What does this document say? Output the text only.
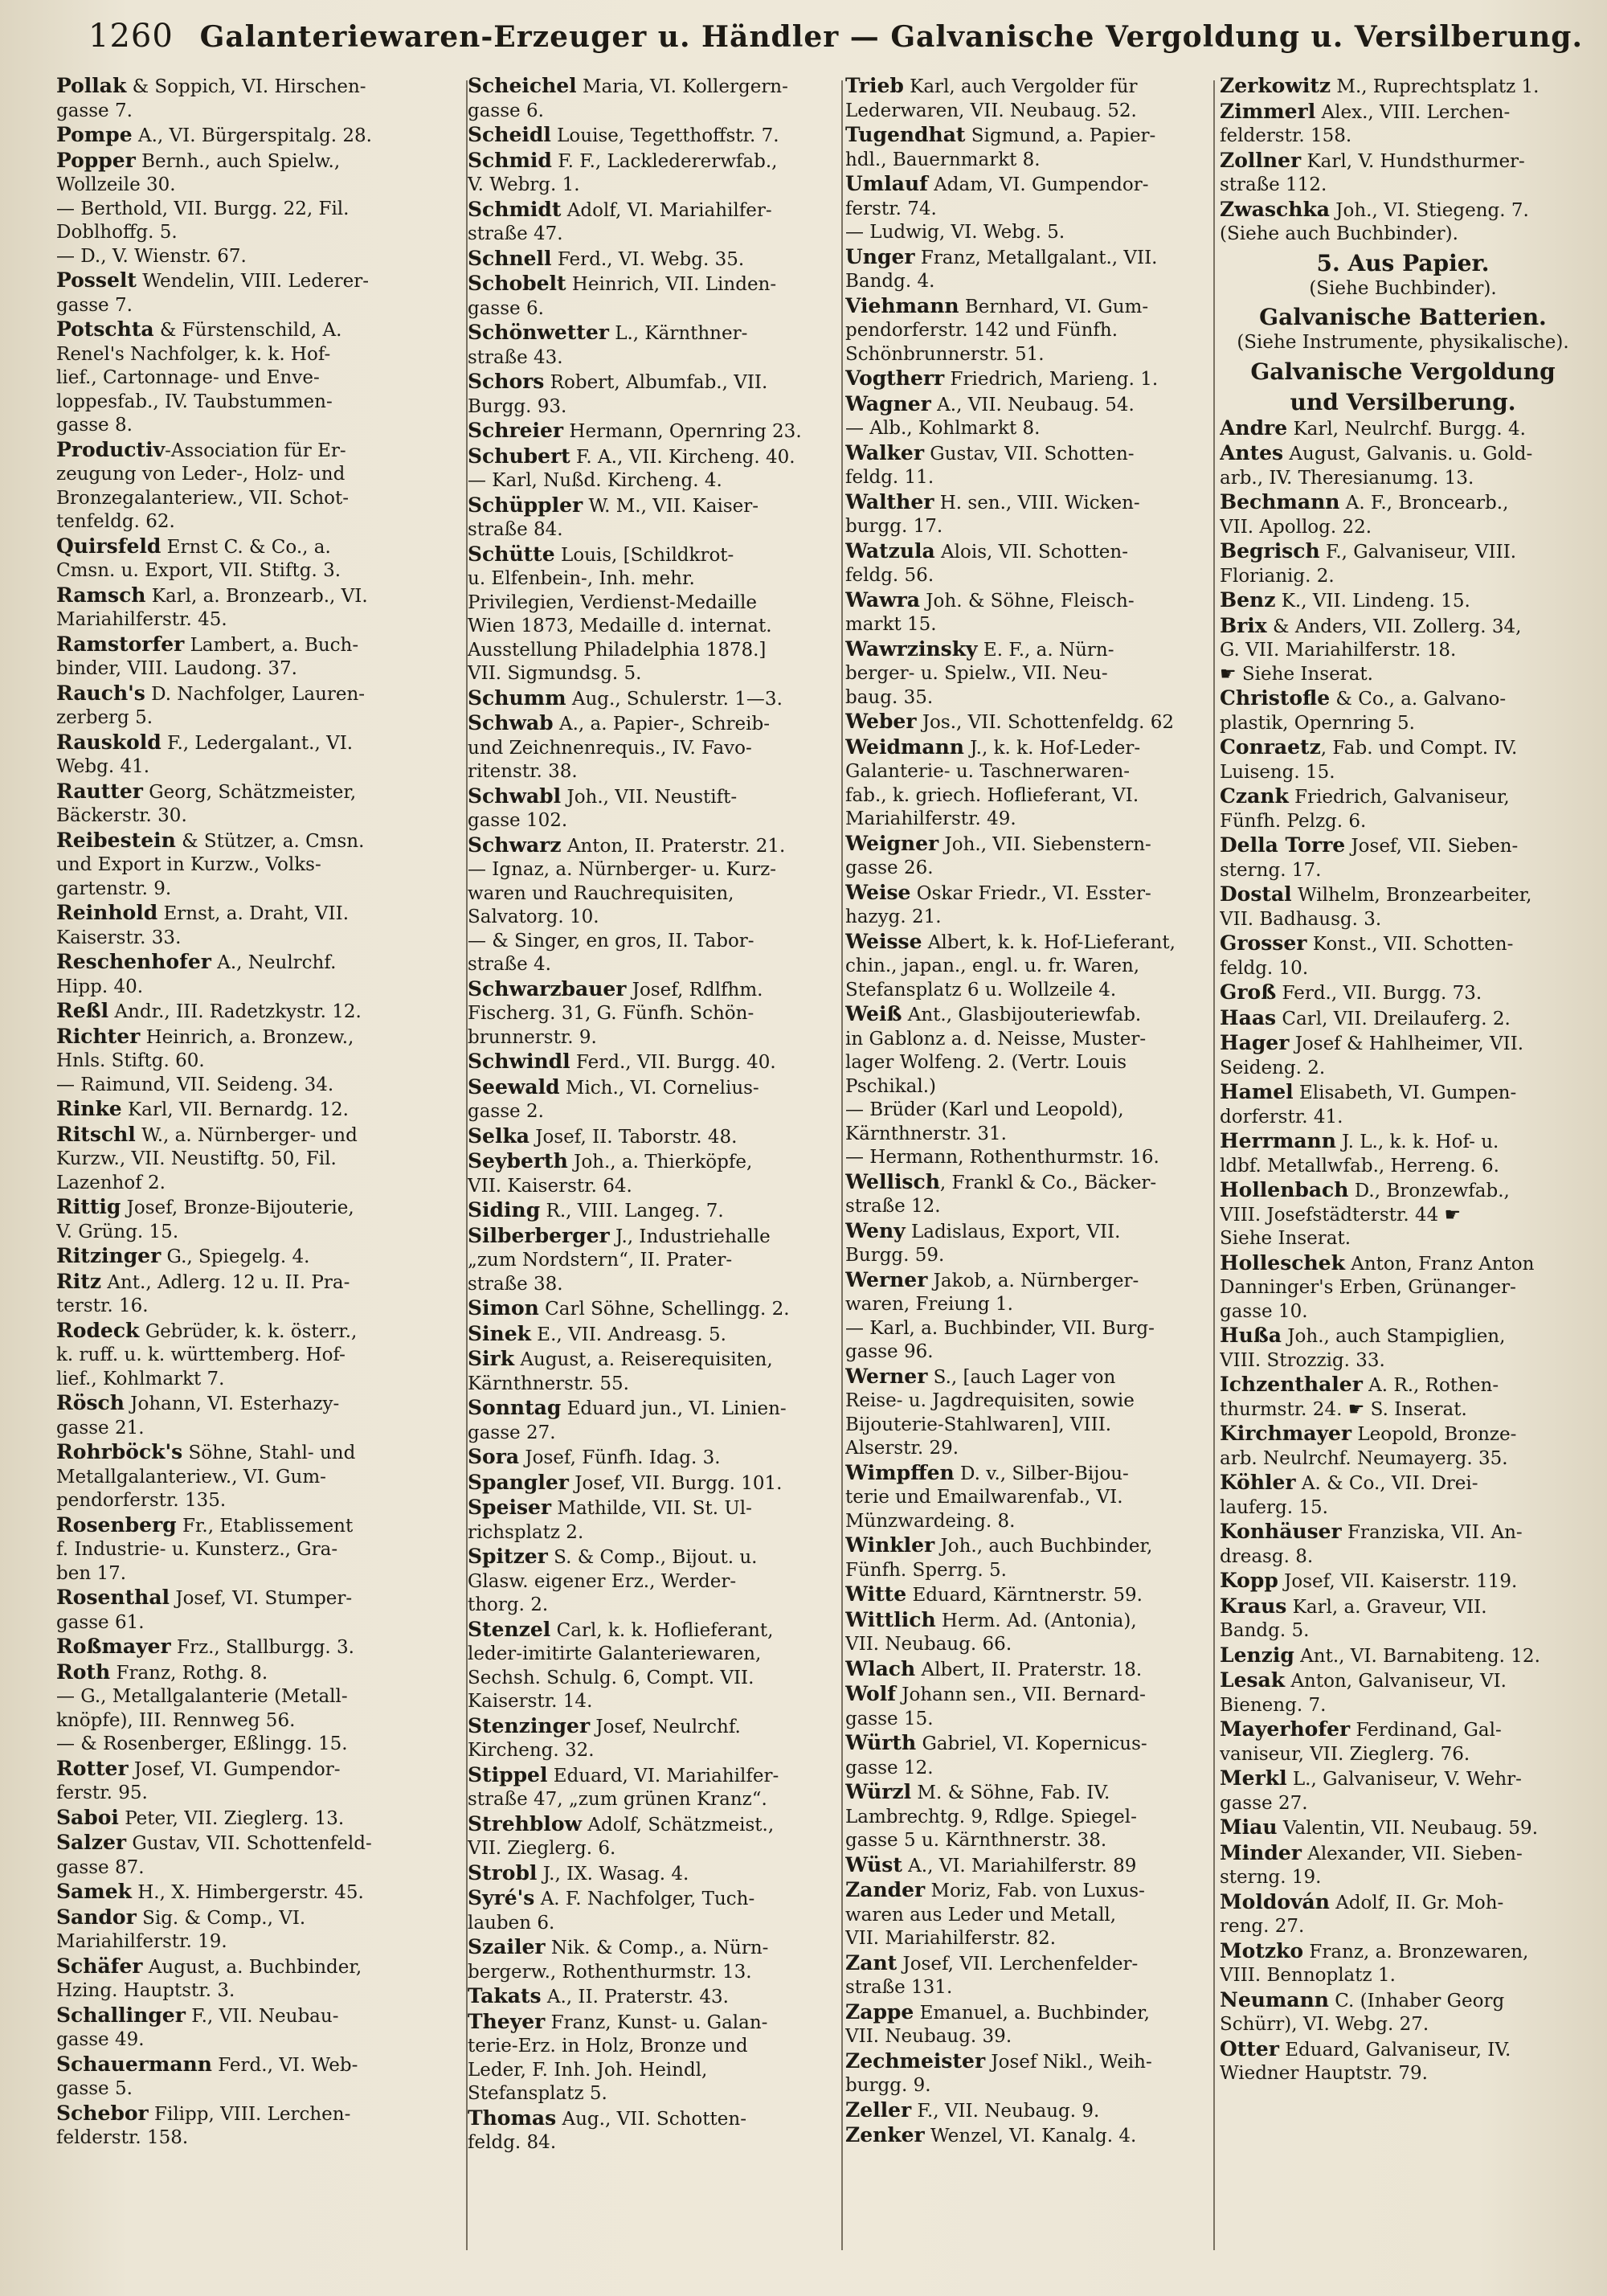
1260 Galanteriewaren-Erzeuger u. Händler — Galvanische Vergoldung u. Versilberung.

Pollak & Soppich, VI. Hirschen-

gasse 7.

Pompe A., VI. Bürgerspitalg. 28.

Popper Bernh., auch Spielw.,

Wollzeile 30.

— Berthold, VII. Burgg. 22, Fil.

Doblhoffg. 5.

— D., V. Wienstr. 67.

Posselt Wendelin, VIII. Lederer-

gasse 7.

Potschta & Fürstenschild, A.

Renel's Nachfolger, k. k. Hof-

lief., Cartonnage- und Enve-

loppesfab., IV. Taubstummen-

gasse 8.

Productiv-Association für Er-

zeugung von Leder-, Holz- und

Bronzegalanteriew., VII. Schot-

tenfeldg. 62.

Quirsfeld Ernst C. & Co., a.

Cmsn. u. Export, VII. Stiftg. 3.

Ramsch Karl, a. Bronzearb., VI.

Mariahilferstr. 45.

Ramstorfer Lambert, a. Buch-

binder, VIII. Laudong. 37.

Rauch's D. Nachfolger, Lauren-

zerberg 5.

Rauskold F., Ledergalant., VI.

Webg. 41.

Rautter Georg, Schätzmeister,

Bäckerstr. 30.

Reibestein & Stützer, a. Cmsn.

und Export in Kurzw., Volks-

gartenstr. 9.

Reinhold Ernst, a. Draht, VII.

Kaiserstr. 33.

Reschenhofer A., Neulrchf.

Hipp. 40.

Reßl Andr., III. Radetzkystr. 12.

Richter Heinrich, a. Bronzew.,

Hnls. Stiftg. 60.

— Raimund, VII. Seideng. 34.

Rinke Karl, VII. Bernardg. 12.

Ritschl W., a. Nürnberger- und

Kurzw., VII. Neustiftg. 50, Fil.

Lazenhof 2.

Rittig Josef, Bronze-Bijouterie,

V. Grüng. 15.

Ritzinger G., Spiegelg. 4.

Ritz Ant., Adlerg. 12 u. II. Pra-

terstr. 16.

Rodeck Gebrüder, k. k. österr.,

k. ruff. u. k. württemberg. Hof-

lief., Kohlmarkt 7.

Rösch Johann, VI. Esterhazy-

gasse 21.

Rohrböck's Söhne, Stahl- und

Metallgalanteriew., VI. Gum-

pendorferstr. 135.

Rosenberg Fr., Etablissement

f. Industrie- u. Kunsterz., Gra-

ben 17.

Rosenthal Josef, VI. Stumper-

gasse 61.

Roßmayer Frz., Stallburgg. 3.

Roth Franz, Rothg. 8.

— G., Metallgalanterie (Metall-

knöpfe), III. Rennweg 56.

— & Rosenberger, Eßlingg. 15.

Rotter Josef, VI. Gumpendor-

ferstr. 95.

Saboi Peter, VII. Zieglerg. 13.

Salzer Gustav, VII. Schottenfeld-

gasse 87.

Samek H., X. Himbergerstr. 45.

Sandor Sig. & Comp., VI.

Mariahilferstr. 19.

Schäfer August, a. Buchbinder,

Hzing. Hauptstr. 3.

Schallinger F., VII. Neubau-

gasse 49.

Schauermann Ferd., VI. Web-

gasse 5.

Schebor Filipp, VIII. Lerchen-

felderstr. 158.

Scheichel Maria, VI. Kollergern-

gasse 6.

Scheidl Louise, Tegetthoffstr. 7.

Schmid F. F., Lackledererwfab.,

V. Webrg. 1.

Schmidt Adolf, VI. Mariahilfer-

straße 47.

Schnell Ferd., VI. Webg. 35.

Schobelt Heinrich, VII. Linden-

gasse 6.

Schönwetter L., Kärnthner-

straße 43.

Schors Robert, Albumfab., VII.

Burgg. 93.

Schreier Hermann, Opernring 23.

Schubert F. A., VII. Kircheng. 40.

— Karl, Nußd. Kircheng. 4.

Schüppler W. M., VII. Kaiser-

straße 84.

Schütte Louis, [Schildkrot-

u. Elfenbein-, Inh. mehr.

Privilegien, Verdienst-Medaille

Wien 1873, Medaille d. internat.

Ausstellung Philadelphia 1878.]

VII. Sigmundsg. 5.

Schumm Aug., Schulerstr. 1—3.

Schwab A., a. Papier-, Schreib-

und Zeichnenrequis., IV. Favo-

ritenstr. 38.

Schwabl Joh., VII. Neustift-

gasse 102.

Schwarz Anton, II. Praterstr. 21.

— Ignaz, a. Nürnberger- u. Kurz-

waren und Rauchrequisiten,

Salvatorg. 10.

— & Singer, en gros, II. Tabor-

straße 4.

Schwarzbauer Josef, Rdlfhm.

Fischerg. 31, G. Fünfh. Schön-

brunnerstr. 9.

Schwindl Ferd., VII. Burgg. 40.

Seewald Mich., VI. Cornelius-

gasse 2.

Selka Josef, II. Taborstr. 48.

Seyberth Joh., a. Thierköpfe,

VII. Kaiserstr. 64.

Siding R., VIII. Langeg. 7.

Silberberger J., Industriehalle

„zum Nordstern“, II. Prater-

straße 38.

Simon Carl Söhne, Schellingg. 2.

Sinek E., VII. Andreasg. 5.

Sirk August, a. Reiserequisiten,

Kärnthnerstr. 55.

Sonntag Eduard jun., VI. Linien-

gasse 27.

Sora Josef, Fünfh. Idag. 3.

Spangler Josef, VII. Burgg. 101.

Speiser Mathilde, VII. St. Ul-

richsplatz 2.

Spitzer S. & Comp., Bijout. u.

Glasw. eigener Erz., Werder-

thorg. 2.

Stenzel Carl, k. k. Hoflieferant,

leder-imitirte Galanteriewaren,

Sechsh. Schulg. 6, Compt. VII.

Kaiserstr. 14.

Stenzinger Josef, Neulrchf.

Kircheng. 32.

Stippel Eduard, VI. Mariahilfer-

straße 47, „zum grünen Kranz“.

Strehblow Adolf, Schätzmeist.,

VII. Zieglerg. 6.

Strobl J., IX. Wasag. 4.

Syré's A. F. Nachfolger, Tuch-

lauben 6.

Szailer Nik. & Comp., a. Nürn-

bergerw., Rothenthurmstr. 13.

Takats A., II. Praterstr. 43.

Theyer Franz, Kunst- u. Galan-

terie-Erz. in Holz, Bronze und

Leder, F. Inh. Joh. Heindl,

Stefansplatz 5.

Thomas Aug., VII. Schotten-

feldg. 84.

Trieb Karl, auch Vergolder für

Lederwaren, VII. Neubaug. 52.

Tugendhat Sigmund, a. Papier-

hdl., Bauernmarkt 8.

Umlauf Adam, VI. Gumpendor-

ferstr. 74.

— Ludwig, VI. Webg. 5.

Unger Franz, Metallgalant., VII.

Bandg. 4.

Viehmann Bernhard, VI. Gum-

pendorferstr. 142 und Fünfh.

Schönbrunnerstr. 51.

Vogtherr Friedrich, Marieng. 1.

Wagner A., VII. Neubaug. 54.

— Alb., Kohlmarkt 8.

Walker Gustav, VII. Schotten-

feldg. 11.

Walther H. sen., VIII. Wicken-

burgg. 17.

Watzula Alois, VII. Schotten-

feldg. 56.

Wawra Joh. & Söhne, Fleisch-

markt 15.

Wawrzinsky E. F., a. Nürn-

berger- u. Spielw., VII. Neu-

baug. 35.

Weber Jos., VII. Schottenfeldg. 62

Weidmann J., k. k. Hof-Leder-

Galanterie- u. Taschnerwaren-

fab., k. griech. Hoflieferant, VI.

Mariahilferstr. 49.

Weigner Joh., VII. Siebenstern-

gasse 26.

Weise Oskar Friedr., VI. Esster-

hazyg. 21.

Weisse Albert, k. k. Hof-Lieferant,

chin., japan., engl. u. fr. Waren,

Stefansplatz 6 u. Wollzeile 4.

Weiß Ant., Glasbijouteriewfab.

in Gablonz a. d. Neisse, Muster-

lager Wolfeng. 2. (Vertr. Louis

Pschikal.)

— Brüder (Karl und Leopold),

Kärnthnerstr. 31.

— Hermann, Rothenthurmstr. 16.

Wellisch, Frankl & Co., Bäcker-

straße 12.

Weny Ladislaus, Export, VII.

Burgg. 59.

Werner Jakob, a. Nürnberger-

waren, Freiung 1.

— Karl, a. Buchbinder, VII. Burg-

gasse 96.

Werner S., [auch Lager von

Reise- u. Jagdrequisiten, sowie

Bijouterie-Stahlwaren], VIII.

Alserstr. 29.

Wimpffen D. v., Silber-Bijou-

terie und Emailwarenfab., VI.

Münzwardeing. 8.

Winkler Joh., auch Buchbinder,

Fünfh. Sperrg. 5.

Witte Eduard, Kärntnerstr. 59.

Wittlich Herm. Ad. (Antonia),

VII. Neubaug. 66.

Wlach Albert, II. Praterstr. 18.

Wolf Johann sen., VII. Bernard-

gasse 15.

Würth Gabriel, VI. Kopernicus-

gasse 12.

Würzl M. & Söhne, Fab. IV.

Lambrechtg. 9, Rdlge. Spiegel-

gasse 5 u. Kärnthnerstr. 38.

Wüst A., VI. Mariahilferstr. 89

Zander Moriz, Fab. von Luxus-

waren aus Leder und Metall,

VII. Mariahilferstr. 82.

Zant Josef, VII. Lerchenfelder-

straße 131.

Zappe Emanuel, a. Buchbinder,

VII. Neubaug. 39.

Zechmeister Josef Nikl., Weih-

burgg. 9.

Zeller F., VII. Neubaug. 9.

Zenker Wenzel, VI. Kanalg. 4.

Zerkowitz M., Ruprechtsplatz 1.

Zimmerl Alex., VIII. Lerchen-

felderstr. 158.

Zollner Karl, V. Hundsthurmer-

straße 112.

Zwaschka Joh., VI. Stiegeng. 7.

(Siehe auch Buchbinder).

5. Aus Papier.

(Siehe Buchbinder).

Galvanische Batterien.

(Siehe Instrumente, physikalische).

Galvanische Vergoldung

und Versilberung.

Andre Karl, Neulrchf. Burgg. 4.

Antes August, Galvanis. u. Gold-

arb., IV. Theresianumg. 13.

Bechmann A. F., Broncearb.,

VII. Apollog. 22.

Begrisch F., Galvaniseur, VIII.

Florianig. 2.

Benz K., VII. Lindeng. 15.

Brix & Anders, VII. Zollerg. 34,

G. VII. Mariahilferstr. 18.

☛ Siehe Inserat.

Christofle & Co., a. Galvano-

plastik, Opernring 5.

Conraetz, Fab. und Compt. IV.

Luiseng. 15.

Czank Friedrich, Galvaniseur,

Fünfh. Pelzg. 6.

Della Torre Josef, VII. Sieben-

sterng. 17.

Dostal Wilhelm, Bronzearbeiter,

VII. Badhausg. 3.

Grosser Konst., VII. Schotten-

feldg. 10.

Groß Ferd., VII. Burgg. 73.

Haas Carl, VII. Dreilauferg. 2.

Hager Josef & Hahlheimer, VII.

Seideng. 2.

Hamel Elisabeth, VI. Gumpen-

dorferstr. 41.

Herrmann J. L., k. k. Hof- u.

ldbf. Metallwfab., Herreng. 6.

Hollenbach D., Bronzewfab.,

VIII. Josefstädterstr. 44 ☛

Siehe Inserat.

Holleschek Anton, Franz Anton

Danninger's Erben, Grünanger-

gasse 10.

Hußa Joh., auch Stampiglien,

VIII. Strozzig. 33.

Ichzenthaler A. R., Rothen-

thurmstr. 24. ☛ S. Inserat.

Kirchmayer Leopold, Bronze-

arb. Neulrchf. Neumayerg. 35.

Köhler A. & Co., VII. Drei-

lauferg. 15.

Konhäuser Franziska, VII. An-

dreasg. 8.

Kopp Josef, VII. Kaiserstr. 119.

Kraus Karl, a. Graveur, VII.

Bandg. 5.

Lenzig Ant., VI. Barnabiteng. 12.

Lesak Anton, Galvaniseur, VI.

Bieneng. 7.

Mayerhofer Ferdinand, Gal-

vaniseur, VII. Zieglerg. 76.

Merkl L., Galvaniseur, V. Wehr-

gasse 27.

Miau Valentin, VII. Neubaug. 59.

Minder Alexander, VII. Sieben-

sterng. 19.

Moldován Adolf, II. Gr. Moh-

reng. 27.

Motzko Franz, a. Bronzewaren,

VIII. Bennoplatz 1.

Neumann C. (Inhaber Georg

Schürr), VI. Webg. 27.

Otter Eduard, Galvaniseur, IV.

Wiedner Hauptstr. 79.
